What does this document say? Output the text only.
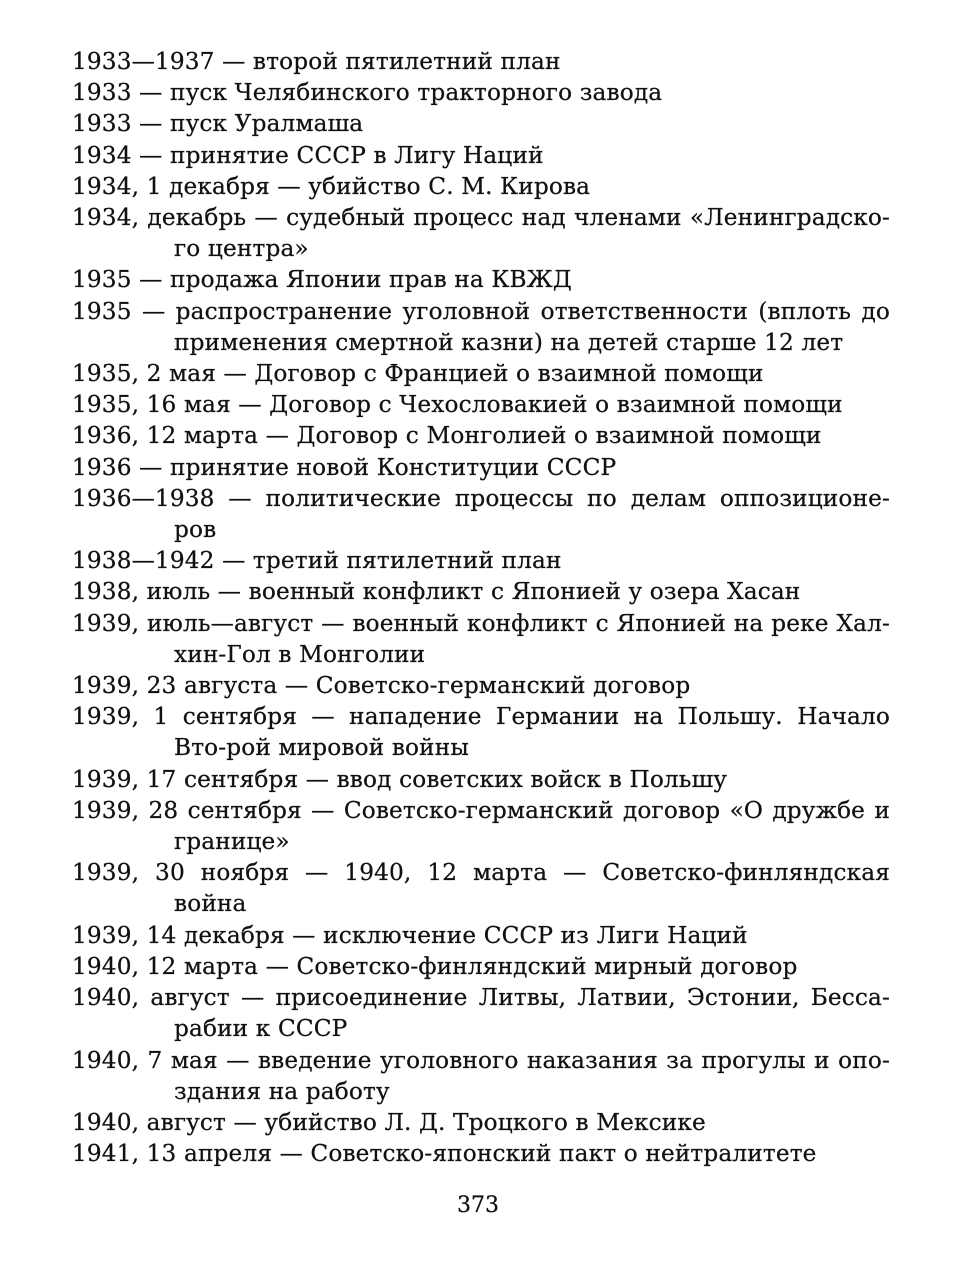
1933—1937 — второй пятилетний план
1933 — пуск Челябинского тракторного завода
1933 — пуск Уралмаша
1934 — принятие СССР в Лигу Наций
1934, 1 декабря — убийство С. М. Кирова
1934, декабрь — судебный процесс над членами «Ленинградско-го центра»
1935 — продажа Японии прав на КВЖД
1935 — распространение уголовной ответственности (вплоть до применения смертной казни) на детей старше 12 лет
1935, 2 мая — Договор с Францией о взаимной помощи
1935, 16 мая — Договор с Чехословакией о взаимной помощи
1936, 12 марта — Договор с Монголией о взаимной помощи
1936 — принятие новой Конституции СССР
1936—1938 — политические процессы по делам оппозиционе-ров
1938—1942 — третий пятилетний план
1938, июль — военный конфликт с Японией у озера Хасан
1939, июль—август — военный конфликт с Японией на реке Хал-хин-Гол в Монголии
1939, 23 августа — Советско-германский договор
1939, 1 сентября — нападение Германии на Польшу. Начало Вто-рой мировой войны
1939, 17 сентября — ввод советских войск в Польшу
1939, 28 сентября — Советско-германский договор «О дружбе и границе»
1939, 30 ноября — 1940, 12 марта — Советско-финляндская война
1939, 14 декабря — исключение СССР из Лиги Наций
1940, 12 марта — Советско-финляндский мирный договор
1940, август — присоединение Литвы, Латвии, Эстонии, Бесса-рабии к СССР
1940, 7 мая — введение уголовного наказания за прогулы и опо-здания на работу
1940, август — убийство Л. Д. Троцкого в Мексике
1941, 13 апреля — Советско-японский пакт о нейтралитете
373
